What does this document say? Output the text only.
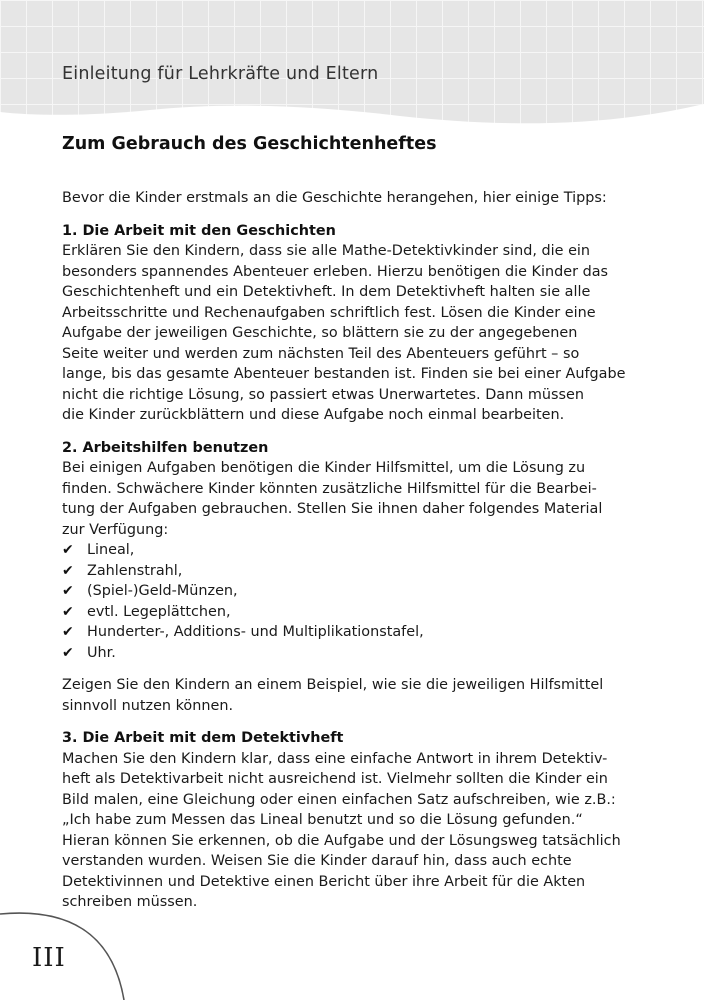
Einleitung für Lehrkräfte und Eltern
Zum Gebrauch des Geschichtenheftes
Bevor die Kinder erstmals an die Geschichte herangehen, hier einige Tipps:
1. Die Arbeit mit den Geschichten
Erklären Sie den Kindern, dass sie alle Mathe-Detektivkinder sind, die ein
besonders spannendes Abenteuer erleben. Hierzu benötigen die Kinder das
Geschichtenheft und ein Detektivheft. In dem Detektivheft halten sie alle
Arbeitsschritte und Rechenaufgaben schriftlich fest. Lösen die Kinder eine
Aufgabe der jeweiligen Geschichte, so blättern sie zu der angegebenen
Seite weiter und werden zum nächsten Teil des Abenteuers geführt – so
lange, bis das gesamte Abenteuer bestanden ist. Finden sie bei einer Aufgabe
nicht die richtige Lösung, so passiert etwas Unerwartetes. Dann müssen
die Kinder zurückblättern und diese Aufgabe noch einmal bearbeiten.
2. Arbeitshilfen benutzen
Bei einigen Aufgaben benötigen die Kinder Hilfsmittel, um die Lösung zu
finden. Schwächere Kinder könnten zusätzliche Hilfsmittel für die Bearbei-
tung der Aufgaben gebrauchen. Stellen Sie ihnen daher folgendes Material
zur Verfügung:
✔ Lineal,
✔ Zahlenstrahl,
✔ (Spiel-)Geld-Münzen,
✔ evtl. Legeplättchen,
✔ Hunderter-, Additions- und Multiplikationstafel,
✔ Uhr.
Zeigen Sie den Kindern an einem Beispiel, wie sie die jeweiligen Hilfsmittel
sinnvoll nutzen können.
3. Die Arbeit mit dem Detektivheft
Machen Sie den Kindern klar, dass eine einfache Antwort in ihrem Detektiv-
heft als Detektivarbeit nicht ausreichend ist. Vielmehr sollten die Kinder ein
Bild malen, eine Gleichung oder einen einfachen Satz aufschreiben, wie z.B.:
„Ich habe zum Messen das Lineal benutzt und so die Lösung gefunden.“
Hieran können Sie erkennen, ob die Aufgabe und der Lösungsweg tatsächlich
verstanden wurden. Weisen Sie die Kinder darauf hin, dass auch echte
Detektivinnen und Detektive einen Bericht über ihre Arbeit für die Akten
schreiben müssen.
III
